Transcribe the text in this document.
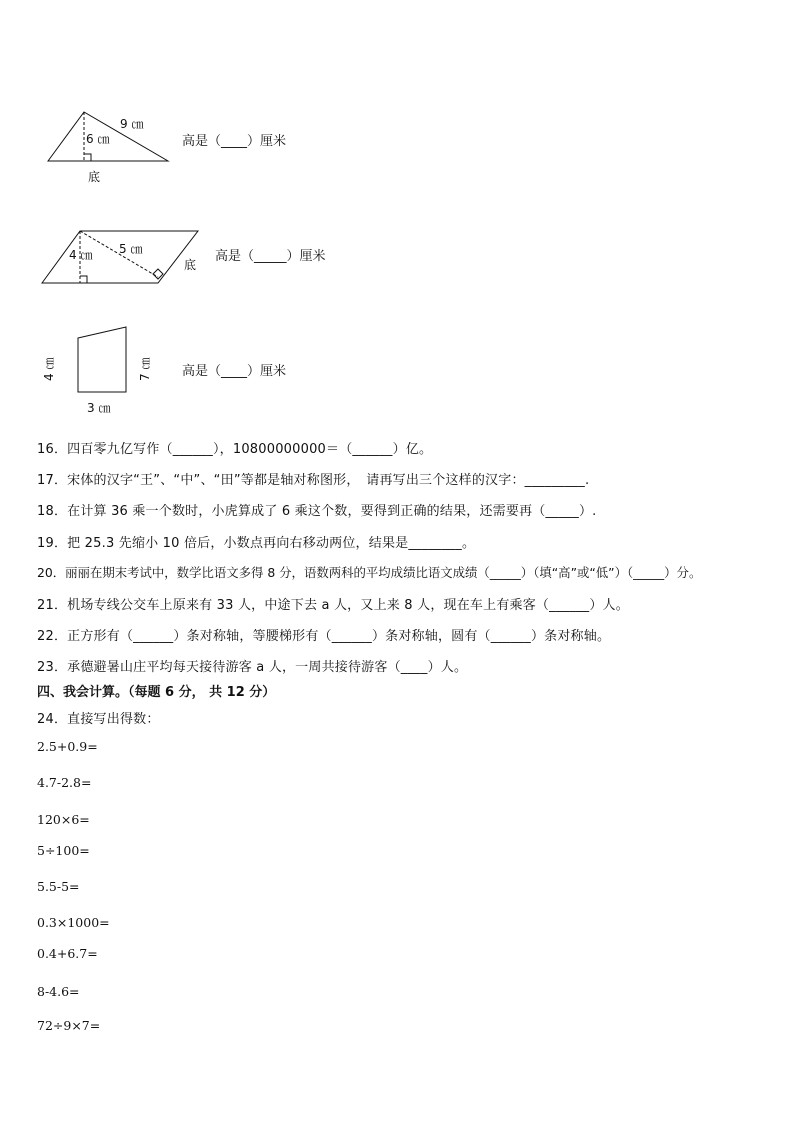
9 ㎝
6 ㎝
底
高是（____）厘米
4 ㎝ 5 ㎝
底
高是（_____）厘米
4 ㎝	7 ㎝
3 ㎝
高是（____）厘米
16．四百零九亿写作（______），10800000000＝（______）亿。
17．宋体的汉字“王”、“中”、“田”等都是轴对称图形，　请再写出三个这样的汉字：_________.
18．在计算 36 乘一个数时，小虎算成了 6 乘这个数，要得到正确的结果，还需要再（_____）.
19．把 25.3 先缩小 10 倍后，小数点再向右移动两位，结果是________。
20．丽丽在期末考试中，数学比语文多得 8 分，语数两科的平均成绩比语文成绩（_____）（填“高”或“低”）（_____）分。
21．机场专线公交车上原来有 33 人，中途下去 a 人，又上来 8 人，现在车上有乘客（______）人。
22．正方形有（______）条对称轴，等腰梯形有（______）条对称轴，圆有（______）条对称轴。
23．承德避暑山庄平均每天接待游客 a 人，一周共接待游客（____）人。
四、我会计算。（每题 6 分， 共 12 分）
24．直接写出得数：
2.5+0.9=
4.7-2.8=
120×6=
5÷100=
5.5-5=
0.3×1000=
0.4+6.7=
8-4.6=
72÷9×7=
